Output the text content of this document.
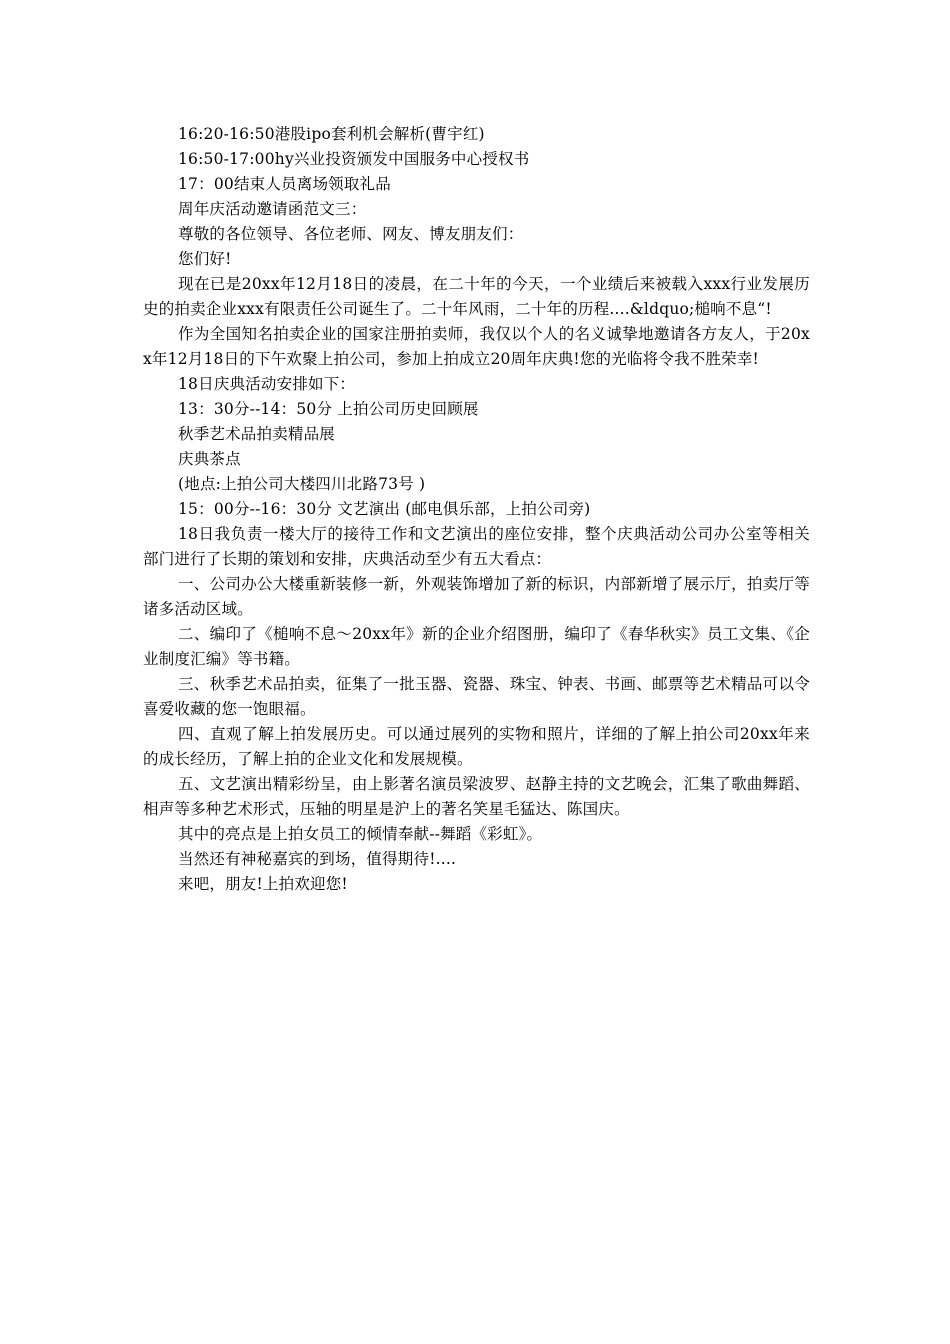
16:20-16:50港股ipo套利机会解析(曹宇红)

16:50-17:00hy兴业投资颁发中国服务中心授权书

17：00结束人员离场领取礼品

周年庆活动邀请函范文三：

尊敬的各位领导、各位老师、网友、博友朋友们：

您们好!

现在已是20xx年12月18日的凌晨，在二十年的今天，一个业绩后来被载入xxx行业发展历史的拍卖企业xxx有限责任公司诞生了。二十年风雨，二十年的历程....&ldquo;槌响不息“!

作为全国知名拍卖企业的国家注册拍卖师，我仅以个人的名义诚挚地邀请各方友人，于20xx年12月18日的下午欢聚上拍公司，参加上拍成立20周年庆典!您的光临将令我不胜荣幸!

18日庆典活动安排如下：

13：30分--14：50分 上拍公司历史回顾展

秋季艺术品拍卖精品展

庆典茶点

(地点:上拍公司大楼四川北路73号 )

15：00分--16：30分 文艺演出 (邮电俱乐部，上拍公司旁)

18日我负责一楼大厅的接待工作和文艺演出的座位安排，整个庆典活动公司办公室等相关部门进行了长期的策划和安排，庆典活动至少有五大看点：

一、公司办公大楼重新装修一新，外观装饰增加了新的标识，内部新增了展示厅，拍卖厅等诸多活动区域。

二、编印了《槌响不息～20xx年》新的企业介绍图册，编印了《春华秋实》员工文集、《企业制度汇编》等书籍。

三、秋季艺术品拍卖，征集了一批玉器、瓷器、珠宝、钟表、书画、邮票等艺术精品可以令喜爱收藏的您一饱眼福。

四、直观了解上拍发展历史。可以通过展列的实物和照片，详细的了解上拍公司20xx年来的成长经历，了解上拍的企业文化和发展规模。

五、文艺演出精彩纷呈，由上影著名演员梁波罗、赵静主持的文艺晚会，汇集了歌曲舞蹈、相声等多种艺术形式，压轴的明星是沪上的著名笑星毛猛达、陈国庆。

其中的亮点是上拍女员工的倾情奉献--舞蹈《彩虹》。

当然还有神秘嘉宾的到场，值得期待!....

来吧，朋友!上拍欢迎您!
